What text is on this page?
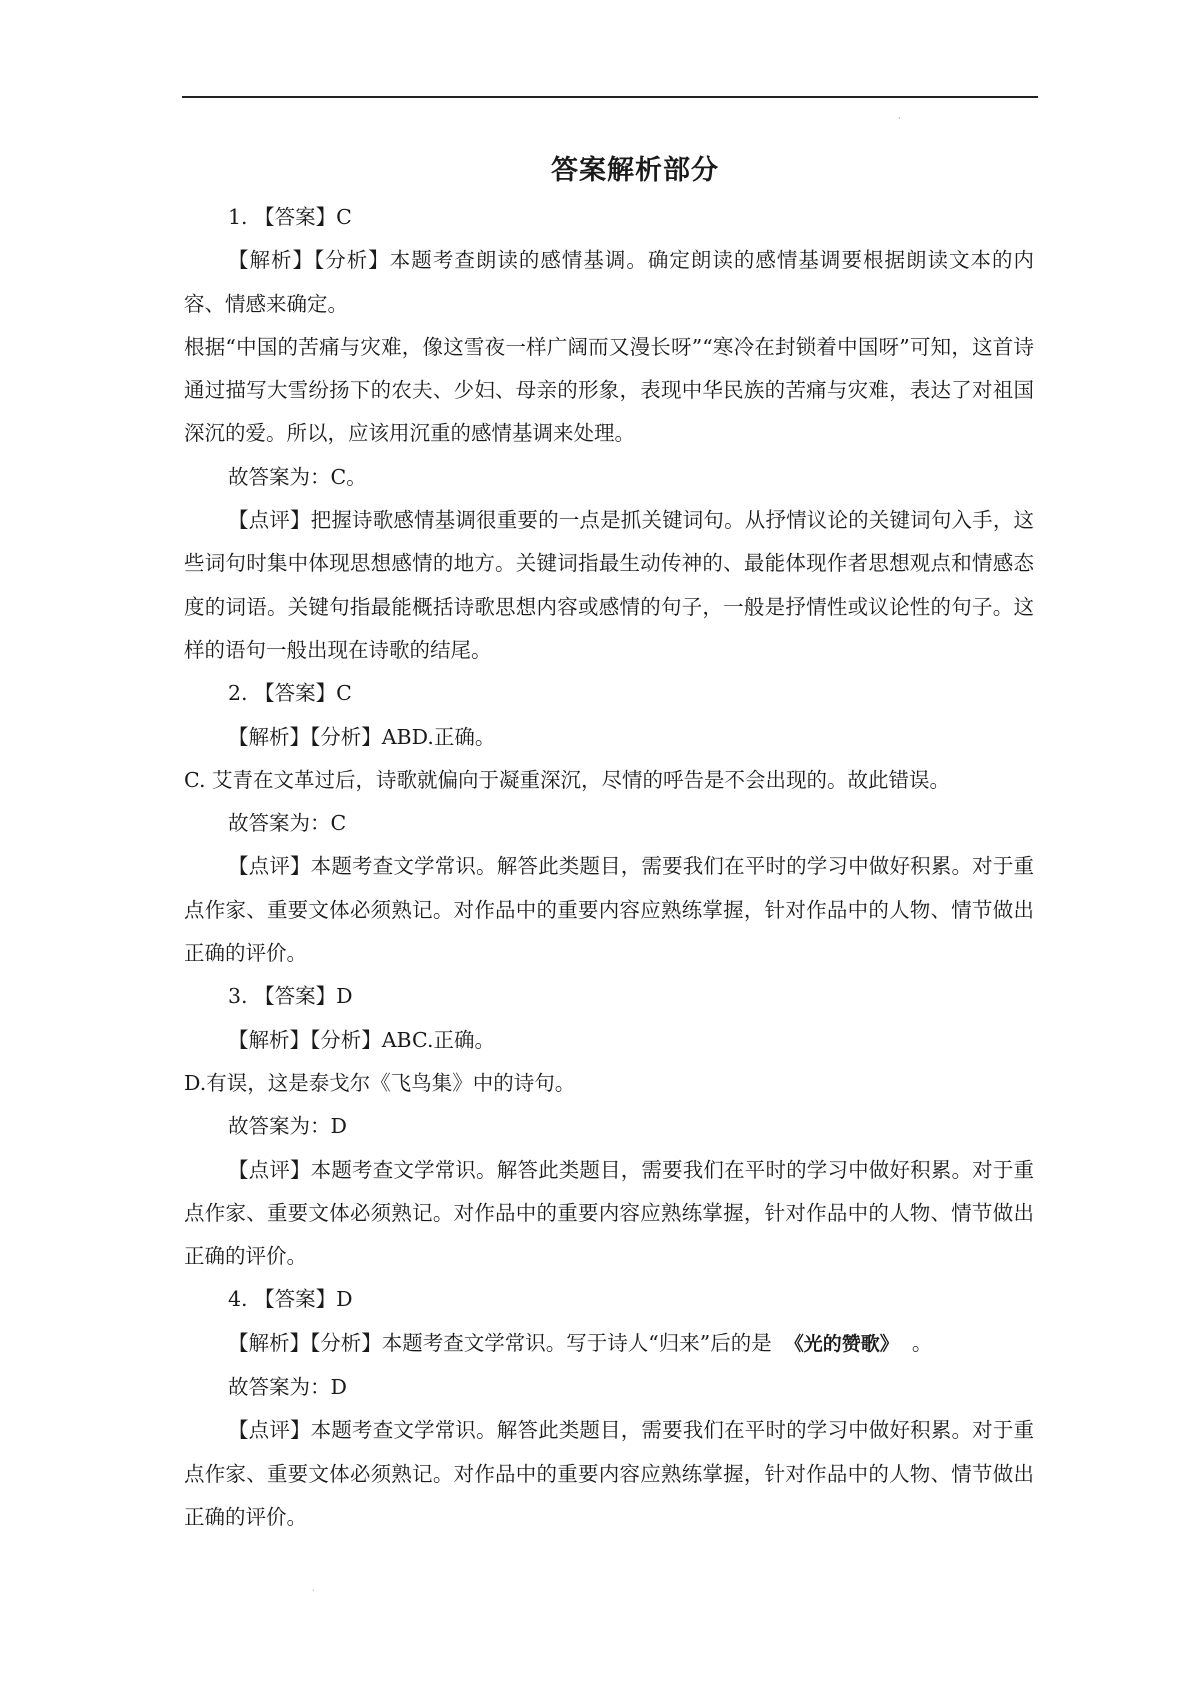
·
答案解析部分

1. 【答案】C

【解析】【分析】本题考查朗读的感情基调。确定朗读的感情基调要根据朗读文本的内容、情感来确定。

根据“中国的苦痛与灾难，像这雪夜一样广阔而又漫长呀”“寒冷在封锁着中国呀”可知，这首诗通过描写大雪纷扬下的农夫、少妇、母亲的形象，表现中华民族的苦痛与灾难，表达了对祖国深沉的爱。所以，应该用沉重的感情基调来处理。

故答案为：C。

【点评】把握诗歌感情基调很重要的一点是抓关键词句。从抒情议论的关键词句入手，这些词句时集中体现思想感情的地方。关键词指最生动传神的、最能体现作者思想观点和情感态度的词语。关键句指最能概括诗歌思想内容或感情的句子，一般是抒情性或议论性的句子。这样的语句一般出现在诗歌的结尾。

2. 【答案】C

【解析】【分析】ABD.正确。

C. 艾青在文革过后，诗歌就偏向于凝重深沉，尽情的呼告是不会出现的。故此错误。

故答案为：C

【点评】本题考查文学常识。解答此类题目，需要我们在平时的学习中做好积累。对于重点作家、重要文体必须熟记。对作品中的重要内容应熟练掌握，针对作品中的人物、情节做出正确的评价。

3. 【答案】D

【解析】【分析】ABC.正确。

D.有误，这是泰戈尔《飞鸟集》中的诗句。

故答案为：D

【点评】本题考查文学常识。解答此类题目，需要我们在平时的学习中做好积累。对于重点作家、重要文体必须熟记。对作品中的重要内容应熟练掌握，针对作品中的人物、情节做出正确的评价。

4. 【答案】D

【解析】【分析】本题考查文学常识。写于诗人“归来”后的是 《光的赞歌》 。

故答案为：D

【点评】本题考查文学常识。解答此类题目，需要我们在平时的学习中做好积累。对于重点作家、重要文体必须熟记。对作品中的重要内容应熟练掌握，针对作品中的人物、情节做出正确的评价。

·
